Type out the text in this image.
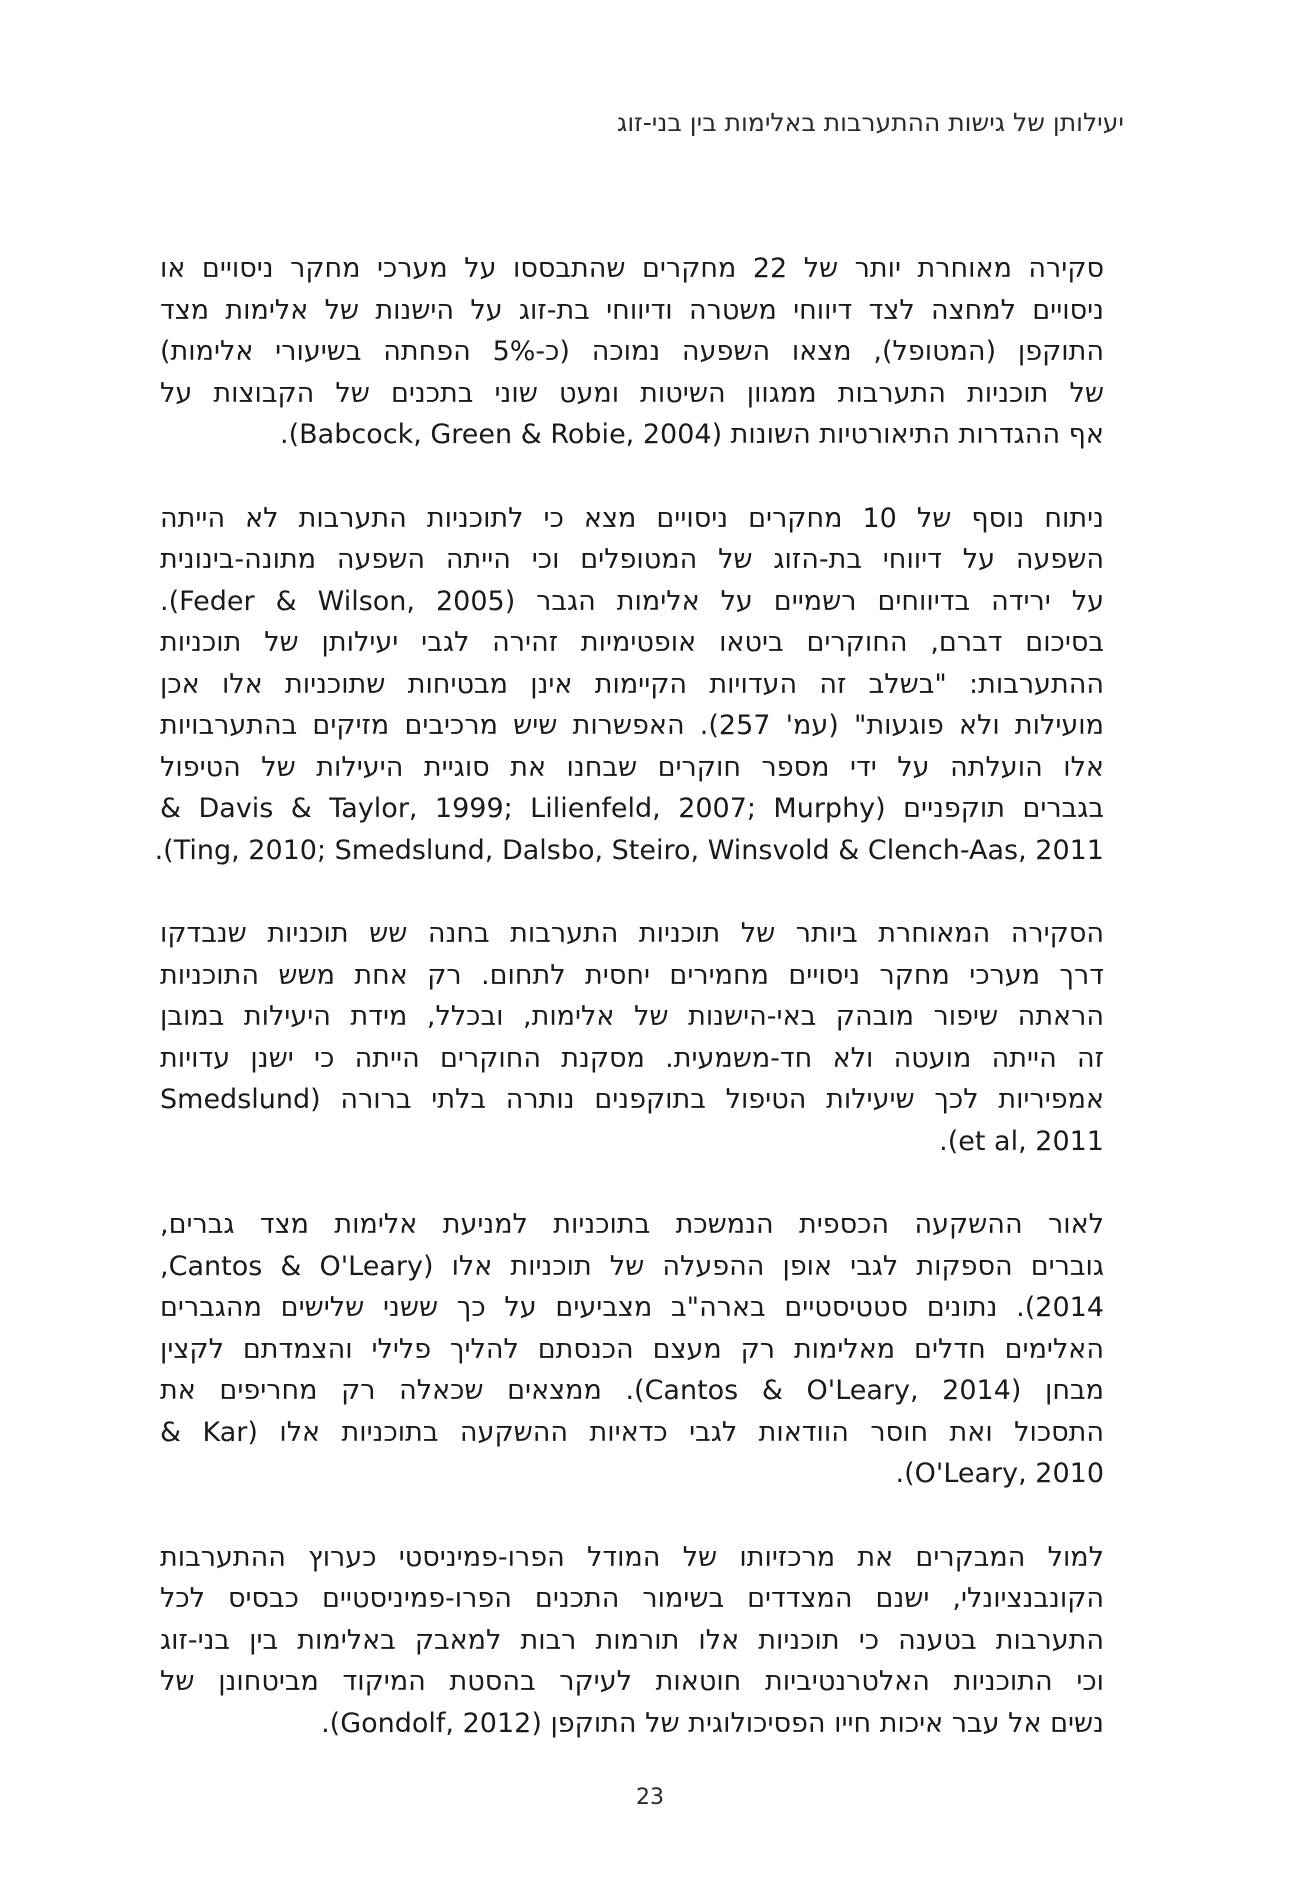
יעילותן של גישות ההתערבות באלימות בין בני-זוג
סקירה מאוחרת יותר של 22 מחקרים שהתבססו על מערכי מחקר ניסויים או
ניסויים למחצה לצד דיווחי משטרה ודיווחי בת-זוג על הישנות של אלימות מצד
התוקפן (המטופל), מצאו השפעה נמוכה (כ-5% הפחתה בשיעורי אלימות)
של תוכניות התערבות ממגוון השיטות ומעט שוני בתכנים של הקבוצות על
אף ההגדרות התיאורטיות השונות (Babcock, Green & Robie, 2004).
ניתוח נוסף של 10 מחקרים ניסויים מצא כי לתוכניות התערבות לא הייתה
השפעה על דיווחי בת-הזוג של המטופלים וכי הייתה השפעה מתונה-בינונית
על ירידה בדיווחים רשמיים על אלימות הגבר (Feder & Wilson, 2005).
בסיכום דברם, החוקרים ביטאו אופטימיות זהירה לגבי יעילותן של תוכניות
ההתערבות: "בשלב זה העדויות הקיימות אינן מבטיחות שתוכניות אלו אכן
מועילות ולא פוגעות" (עמ' 257). האפשרות שיש מרכיבים מזיקים בהתערבויות
אלו הועלתה על ידי מספר חוקרים שבחנו את סוגיית היעילות של הטיפול
בגברים תוקפניים (Davis & Taylor, 1999; Lilienfeld, 2007; Murphy &
Ting, 2010; Smedslund, Dalsbo, Steiro, Winsvold & Clench-Aas, 2011).
הסקירה המאוחרת ביותר של תוכניות התערבות בחנה שש תוכניות שנבדקו
דרך מערכי מחקר ניסויים מחמירים יחסית לתחום. רק אחת משש התוכניות
הראתה שיפור מובהק באי-הישנות של אלימות, ובכלל, מידת היעילות במובן
זה הייתה מועטה ולא חד-משמעית. מסקנת החוקרים הייתה כי ישנן עדויות
אמפיריות לכך שיעילות הטיפול בתוקפנים נותרה בלתי ברורה (Smedslund
et al, 2011).
לאור ההשקעה הכספית הנמשכת בתוכניות למניעת אלימות מצד גברים,
גוברים הספקות לגבי אופן ההפעלה של תוכניות אלו (Cantos & O'Leary,
2014). נתונים סטטיסטיים בארה"ב מצביעים על כך ששני שלישים מהגברים
האלימים חדלים מאלימות רק מעצם הכנסתם להליך פלילי והצמדתם לקצין
מבחן (Cantos & O'Leary, 2014). ממצאים שכאלה רק מחריפים את
התסכול ואת חוסר הוודאות לגבי כדאיות ההשקעה בתוכניות אלו (Kar &
O'Leary, 2010).
למול המבקרים את מרכזיותו של המודל הפרו-פמיניסטי כערוץ ההתערבות
הקונבנציונלי, ישנם המצדדים בשימור התכנים הפרו-פמיניסטיים כבסיס לכל
התערבות בטענה כי תוכניות אלו תורמות רבות למאבק באלימות בין בני-זוג
וכי התוכניות האלטרנטיביות חוטאות לעיקר בהסטת המיקוד מביטחונן של
נשים אל עבר איכות חייו הפסיכולוגית של התוקפן (Gondolf, 2012).
23
